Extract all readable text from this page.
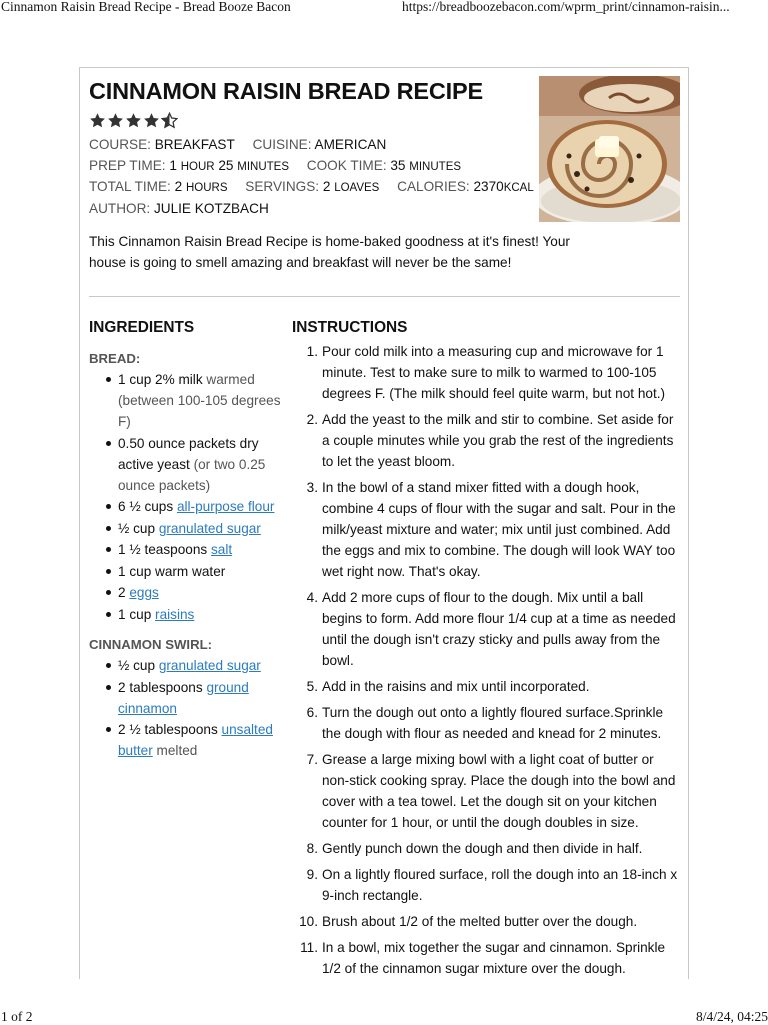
Cinnamon Raisin Bread Recipe - Bread Booze Bacon	https://breadboozebacon.com/wprm_print/cinnamon-raisin...
CINNAMON RAISIN BREAD RECIPE
COURSE: BREAKFAST CUISINE: AMERICAN
PREP TIME: 1 HOUR 25 MINUTES COOK TIME: 35 MINUTES
TOTAL TIME: 2 HOURS SERVINGS: 2 LOAVES CALORIES: 2370KCAL
AUTHOR: JULIE KOTZBACH

This Cinnamon Raisin Bread Recipe is home-baked goodness at it's finest! Your house is going to smell amazing and breakfast will never be the same!

INGREDIENTS
BREAD:
1 cup 2% milk warmed (between 100-105 degrees F)
0.50 ounce packets dry active yeast (or two 0.25 ounce packets)
6 ½ cups all-purpose flour
½ cup granulated sugar
1 ½ teaspoons salt
1 cup warm water
2 eggs
1 cup raisins
CINNAMON SWIRL:
½ cup granulated sugar
2 tablespoons ground cinnamon
2 ½ tablespoons unsalted butter melted
INSTRUCTIONS
1. Pour cold milk into a measuring cup and microwave for 1 minute. Test to make sure to milk to warmed to 100-105 degrees F. (The milk should feel quite warm, but not hot.)
2. Add the yeast to the milk and stir to combine. Set aside for a couple minutes while you grab the rest of the ingredients to let the yeast bloom.
3. In the bowl of a stand mixer fitted with a dough hook, combine 4 cups of flour with the sugar and salt. Pour in the milk/yeast mixture and water; mix until just combined. Add the eggs and mix to combine. The dough will look WAY too wet right now. That's okay.
4. Add 2 more cups of flour to the dough. Mix until a ball begins to form. Add more flour 1/4 cup at a time as needed until the dough isn't crazy sticky and pulls away from the bowl.
5. Add in the raisins and mix until incorporated.
6. Turn the dough out onto a lightly floured surface.Sprinkle the dough with flour as needed and knead for 2 minutes.
7. Grease a large mixing bowl with a light coat of butter or non-stick cooking spray. Place the dough into the bowl and cover with a tea towel. Let the dough sit on your kitchen counter for 1 hour, or until the dough doubles in size.
8. Gently punch down the dough and then divide in half.
9. On a lightly floured surface, roll the dough into an 18-inch x 9-inch rectangle.
10. Brush about 1/2 of the melted butter over the dough.
11. In a bowl, mix together the sugar and cinnamon. Sprinkle 1/2 of the cinnamon sugar mixture over the dough.
1 of 2	8/4/24, 04:25
